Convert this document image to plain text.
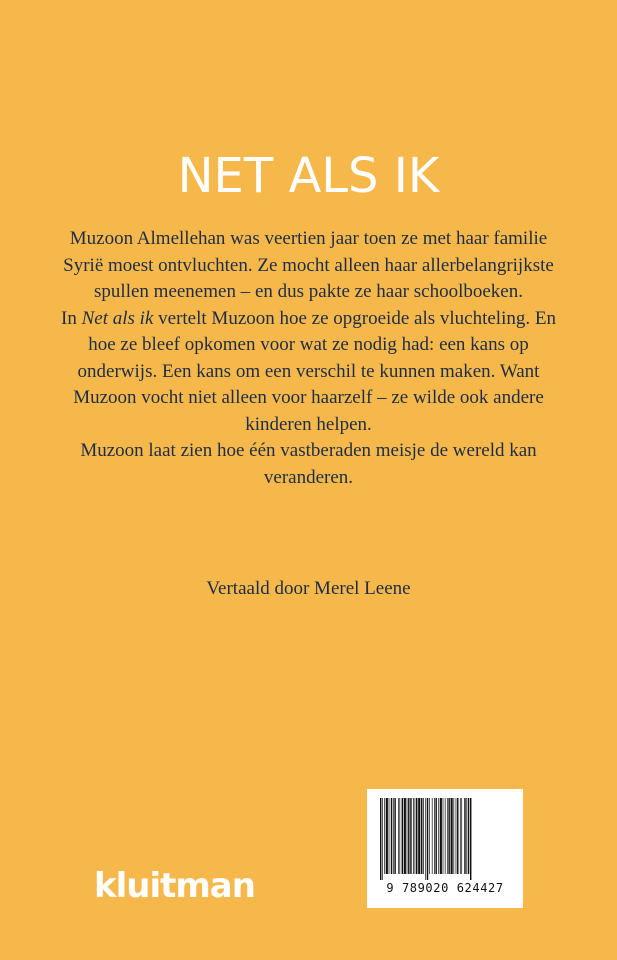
NET ALS IK

Muzoon Almellehan was veertien jaar toen ze met haar familie Syrië moest ontvluchten. Ze mocht alleen haar allerbelangrijkste spullen meenemen – en dus pakte ze haar schoolboeken.

In Net als ik vertelt Muzoon hoe ze opgroeide als vluchteling. En hoe ze bleef opkomen voor wat ze nodig had: een kans op onderwijs. Een kans om een verschil te kunnen maken. Want Muzoon vocht niet alleen voor haarzelf – ze wilde ook andere kinderen helpen.

Muzoon laat zien hoe één vastberaden meisje de wereld kan veranderen.

Vertaald door Merel Leene
kluitman	9 789020 624427
